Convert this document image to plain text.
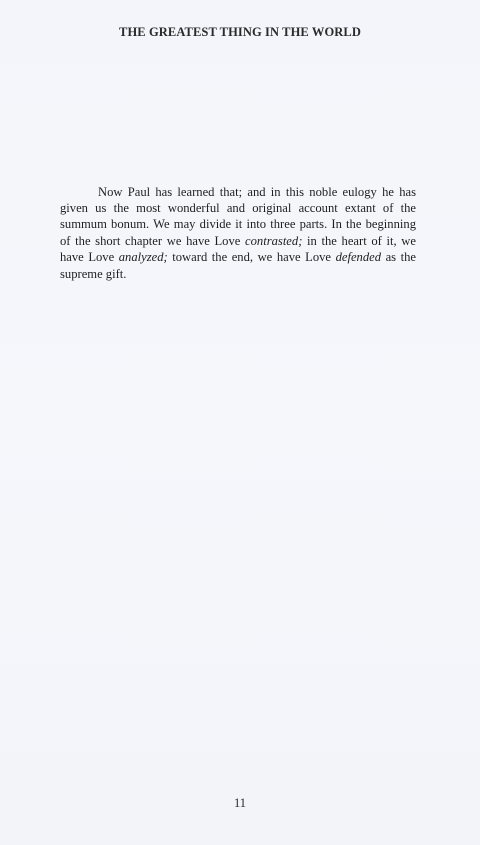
THE GREATEST THING IN THE WORLD

Now Paul has learned that; and in this noble eulogy he has given us the most wonderful and original account extant of the summum bonum. We may divide it into three parts. In the beginning of the short chapter we have Love contrasted; in the heart of it, we have Love analyzed; toward the end, we have Love defended as the supreme gift.

11
